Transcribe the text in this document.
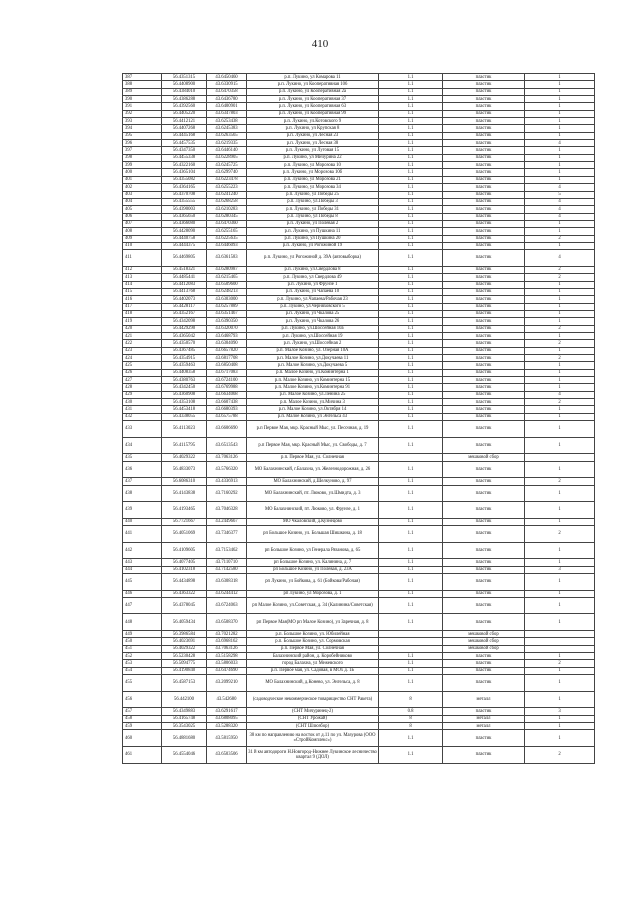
410
387	56.4351315	43.6450460	р.п. Лукино, ул Комарова 11	1.1	пластик	1
388	56.4408900	43.6330915	р.п. Лукино, ул Кооперативная 106	1.1	пластик	1
389	56.4384010	43.6470358	р.п. Лукино, ул Кооперативная 2а	1.1	пластик	1
390	56.4386288	43.6436780	р.п. Лукино, ул Кооперативная 37	1.1	пластик	1
391	56.4392560	43.6400901	р.п. Лукино, ул Кооперативная 63	1.1	пластик	1
392	56.4405220	43.6347803	р.п. Лукино, ул Кооперативная 99	1.1	пластик	1
393	56.4412121	43.6253438	р.п. Лукино, ул.Котовского 9	1.1	пластик	1
394	56.4407268	43.6245383	р.п. Лукино, ул Крупская 8	1.1	пластик	1
395	56.4445168	43.6263565	р.п. Лукино, ул Лесная 23	1.1	пластик	1
396	56.4457535	43.6219335	р.п. Лукино, ул Лесная 38	1.1	пластик	4
397	56.4347350	43.6446140	р.п. Лукино, ул Луговая 15	1.1	пластик	1
398	56.4455338	43.6228905	р.п. Лукино, ул Мичурина 22	1.1	пластик	1
399	56.4322160	43.6245725	р.п. Лукино, ул Морозова 10	1.1	пластик	1
400	56.4365104	43.6299740	р.п. Лукино, ул Морозова 10б	1.1	пластик	1
401	56.4355082	43.6223478	р.п. Лукино, ул Морозова 21	1.1	пластик	1
402	56.4364165	43.6255223	р.п. Лукино, ул Морозова 34	1.1	пластик	4
403	56.4370708	43.6241240	р.п. Лукино, ул Победы 25	1.1	пластик	5
404	56.4355555	43.6268258	р.п. Лукино, ул.Победы 3	1.1	пластик	4
405	56.4390003	43.6210283	р.п. Лукино, ул Победы 31	1.1	пластик	4
406	56.4365650	43.6280345	р.п. Лукино, ул Победы 8	1.1	пластик	4
407	56.4366080	43.6470360	р.п. Лукино, ул Полевая 2	1.1	пластик	1
408	56.4428090	43.6255165	р.п. Лукино, ул Пушкина 11	1.1	пластик	1
409	56.4440758	43.6225635	р.п. Лукино, ул Пушкина 20	1.1	пластик	2
410	56.4444375	43.6446093	р.п. Лукино, ул Рогожиной 19	1.1	пластик	1
411	56.4469805	43.6361583	р.п. Лукино, ул Рогожиной д. 39А (автовыборка)	1.1	пластик	4
412	56.4518321	43.6280987	р.п. Лукино, ул.Свердлова 8	1.1	пластик	2
413	56.4485441	43.6215465	р.п. Лукино, ул Свердлова 49	1.1	пластик	2
414	56.4412083	43.6509600	р.п. Лукино, ул Фрунзе 1	1.1	пластик	1
415	56.4413768	43.6248213	р.п. Лукино, ул Чапаева 10	1.1	пластик	1
416	56.4402073	43.6303000	р.п. Лукино, ул.Чапаева/Рабочая 23	1.1	пластик	1
417	56.4428117	43.6257889	р.п. Лукино, ул.Черняховского 5	1.1	пластик	1
418	56.4352167	43.6351467	р.п. Лукино, ул Чкалова 25	1.1	пластик	1
419	56.4342098	43.6390350	р.п. Лукино, ул Чкалова 26	1.1	пластик	1
420	56.4429290	43.6320070	р.п. Лукино, ул.Шоссейная 10а	1.1	пластик	2
421	56.4365042	43.6468793	р.п. Лукино, ул.Шоссейная 19	1.1	пластик	1
422	56.4350570	43.6304090	р.п. Лукино, ул.Шоссейная 2	1.1	пластик	2
423	56.4367485	43.6657820	р.п. Малое Козино, ул. Озерная 10А	1.1	пластик	1
424	56.4354915	43.6817708	р.п. Малое Козино, ул.Докучаева 11	1.1	пластик	2
425	56.4359463	43.6850408	р.п. Малое Козино, ул.Докучаева 5	1.1	пластик	1
426	56.4408358	43.6717083	р.п. Малое Козино, ул.Коминтерна 1	1.1	пластик	1
427	56.4380763	43.6724100	р.п. Малое Козино, ул Коминтерна 15	1.1	пластик	1
428	56.4342450	43.6769988	р.п. Малое Козино, ул.Коминтерна 91	1.1	пластик	1
429	56.4360908	43.6634068	р.п. Малое Козино, ул.Ленина 25	1.1	пластик	4
430	56.4353108	43.6607438	р.п. Малое Козино, ул.Мичина 3	1.1	пластик	2
431	56.4453418	43.6680393	р.п. Малое Козино, ул.Октября 14	1.1	пластик	1
432	56.4338055	43.6575788	р.п. Малое Козино, ул Энгельса 43	1.1	пластик	1
433	56.4113023	43.6606690	р.п Первое Мая, мкр. Красный Мыс, ул. Песочная, д. 19	1.1	пластик	1
434	56.4115795	43.6513543	р.п Первое Мая, мкр. Красный Мыс, ул. Свободы, д. 7	1.1	пластик	1
435	56.4029322	43.7063126	р.п. Первое Мая, ул. Солнечная		мешковой сбор	
436	56.4833073	43.5766320	МО Балахнинский, г.Балахна, ул. Железнодорожная, д. 26	1.1	пластик	1
437	56.6086310	43.4336913	МО Балахнинский, д.Шелкуново, д. 97	1.1	пластик	2
438	56.4143838	43.7160292	МО Балахнинский, пт. Люково, ул.Шмидта, д. 3	1.1	пластик	1
439	56.4193465	43.7046328	МО Балахнинский, пт. Люково, ул. Фрунзе, д. 1	1.1	пластик	1
440	56.7721667	43.2449667	МО Чкаловский, д.Кузнецово	1.1	пластик	1
441	56.4051069	43.7346377	рп Большое Козино, ул. Большая Шишкина, д. 18	1.1	пластик	2
442	56.4109605	43.7153462	рп Большое Козино, ул Генерала Рязанова, д. 65	1.1	пластик	1
443	56.4077405	43.7110710	рп Большое Козино, ул. Калинина, д. 7	1.1	пластик	1
444	56.4102318	43.7142580	рп Большое Козино, ул Полевая, д. 23А	1.1	пластик	3
445	56.4434898	43.6308318	рп Лукино, ул Бойкова, д. 61 (Бойкова/Рабочая)	1.1	пластик	1
446	56.4363322	43.6244412	рп Лукино, ул Морозова, д. 1	1.1	пластик	1
447	56.4378045	43.6724063	рп Малое Козино, ул.Советская, д. 34 (Калинина/Советская)	1.1	пластик	1
448	56.4059434	43.6508370	рп Первое Мая(МО рп Малое Козино), ул Заречная, д. 8	1.1	пластик	1
449	56.3986584	43.7021282	р.п. Большое Козино, ул. Юбилейная		мешковой сбор	
450	56.4023691	43.6968162	р.п. Большое Козино, ул. Сормовская		мешковой сбор	
451	56.4029322	43.7063126	р.п. Первое Мая, ул. Солнечная		мешковой сбор	
452	56.5230428	43.5158298	Балахнинский район, д. Коробейниково	1.1	пластик	1
453	56.5094775	43.5806033	город Балахна, ул Межевского	1.1	пластик	2
454	56.4190840	43.6474690	р.п. Первое мая, ул. Садовая, в МОх д. 1Б	1.1	пластик	1
455	56.4587153	43.2099210	МО Балахнинский, д.Конево, ул. Энгельса, д. 8	1.1	пластик	1
456	56.442100	43.542680	(садоводческое некоммерческое товарищество СНТ Ракета)	8	металл	1
457	56.4349883	43.6291617	(СНТ Мичуринец-2)	0.8	пластик	3
458	56.4165748	43.6808095	(СНТ Урожай)	8	металл	1
459	56.3543025	43.5288320	(СНТ Шлюзбор)	8	металл	1
460	56.4881680	43.5815950	38 км по направлению на восток от д.11 по ул. Мазурова (ООО «СтройКомплекс»)	1.1	пластик	1
461	56.4554046	43.6503506	31 й км автодороги Н.Новгород-Нижнее Лукинское лесничество квартал 9 (ДОЛ)	1.1	пластик	2
